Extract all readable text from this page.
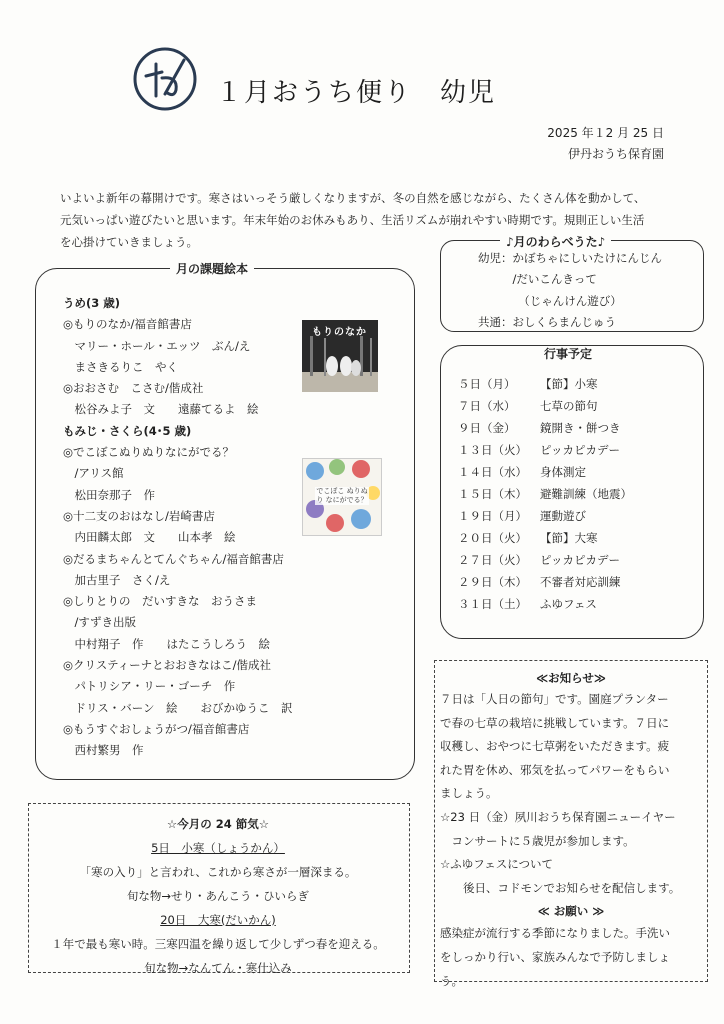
１月おうち便り　幼児
2025 年１2 月 25 日
伊丹おうち保育園
いよいよ新年の幕開けです。寒さはいっそう厳しくなりますが、冬の自然を感じながら、たくさん体を動かして、
元気いっぱい遊びたいと思います。年末年始のお休みもあり、生活リズムが崩れやすい時期です。規則正しい生活
を心掛けていきましょう。
月の課題絵本
うめ(3 歳)
◎もりのなか/福音館書店
　マリー・ホール・エッツ　ぶん/え
　まさきるりこ　やく
◎おおさむ　こさむ/偕成社
　松谷みよ子　文　　遠藤てるよ　絵
もみじ・さくら(4･5 歳)
◎でこぼこぬりぬりなにがでる？
　/アリス館
　松田奈那子　作
◎十二支のおはなし/岩崎書店
　内田麟太郎　文　　山本孝　絵
◎だるまちゃんとてんぐちゃん/福音館書店
　加古里子　さく/え
◎しりとりの　だいすきな　おうさま
　/すずき出版
　中村翔子　作　　はたこうしろう　絵
◎クリスティーナとおおきなはこ/偕成社
　パトリシア・リー・ゴーチ　作
　ドリス・バーン　絵　　おびかゆうこ　訳
◎もうすぐおしょうがつ/福音館書店
　西村繁男　作
もりのなか
でこぼこ ぬりぬり なにがでる？
♪月のわらべうた♪
幼児：かぼちゃにしいたけにんじん
　　　/だいこんきって
　　　　（じゃんけん遊び）
共通：おしくらまんじゅう
行事予定
５日（月） 【節】小寒
７日（水） 七草の節句
９日（金） 鏡開き・餅つき
１３日（火） ピッカピカデー
１４日（水） 身体測定
１５日（木） 避難訓練（地震）
１９日（月） 運動遊び
２０日（火） 【節】大寒
２７日（火） ピッカピカデー
２９日（木） 不審者対応訓練
３１日（土） ふゆフェス
≪お知らせ≫
７日は「人日の節句」です。園庭プランター
で春の七草の栽培に挑戦しています。７日に
収穫し、おやつに七草粥をいただきます。疲
れた胃を休め、邪気を払ってパワーをもらい
ましょう。
☆23 日（金）夙川おうち保育園ニューイヤー
　コンサートに５歳児が参加します。
☆ふゆフェスについて
　　後日、コドモンでお知らせを配信します。
≪ お願い ≫
感染症が流行する季節になりました。手洗い
をしっかり行い、家族みんなで予防しましょ
う。
☆今月の 24 節気☆
5日　小寒（しょうかん）
「寒の入り」と言われ、これから寒さが一層深まる。
旬な物→せり・あんこう・ひいらぎ
20日　大寒(だいかん)
１年で最も寒い時。三寒四温を繰り返して少しずつ春を迎える。
旬な物→なんてん・寒仕込み
